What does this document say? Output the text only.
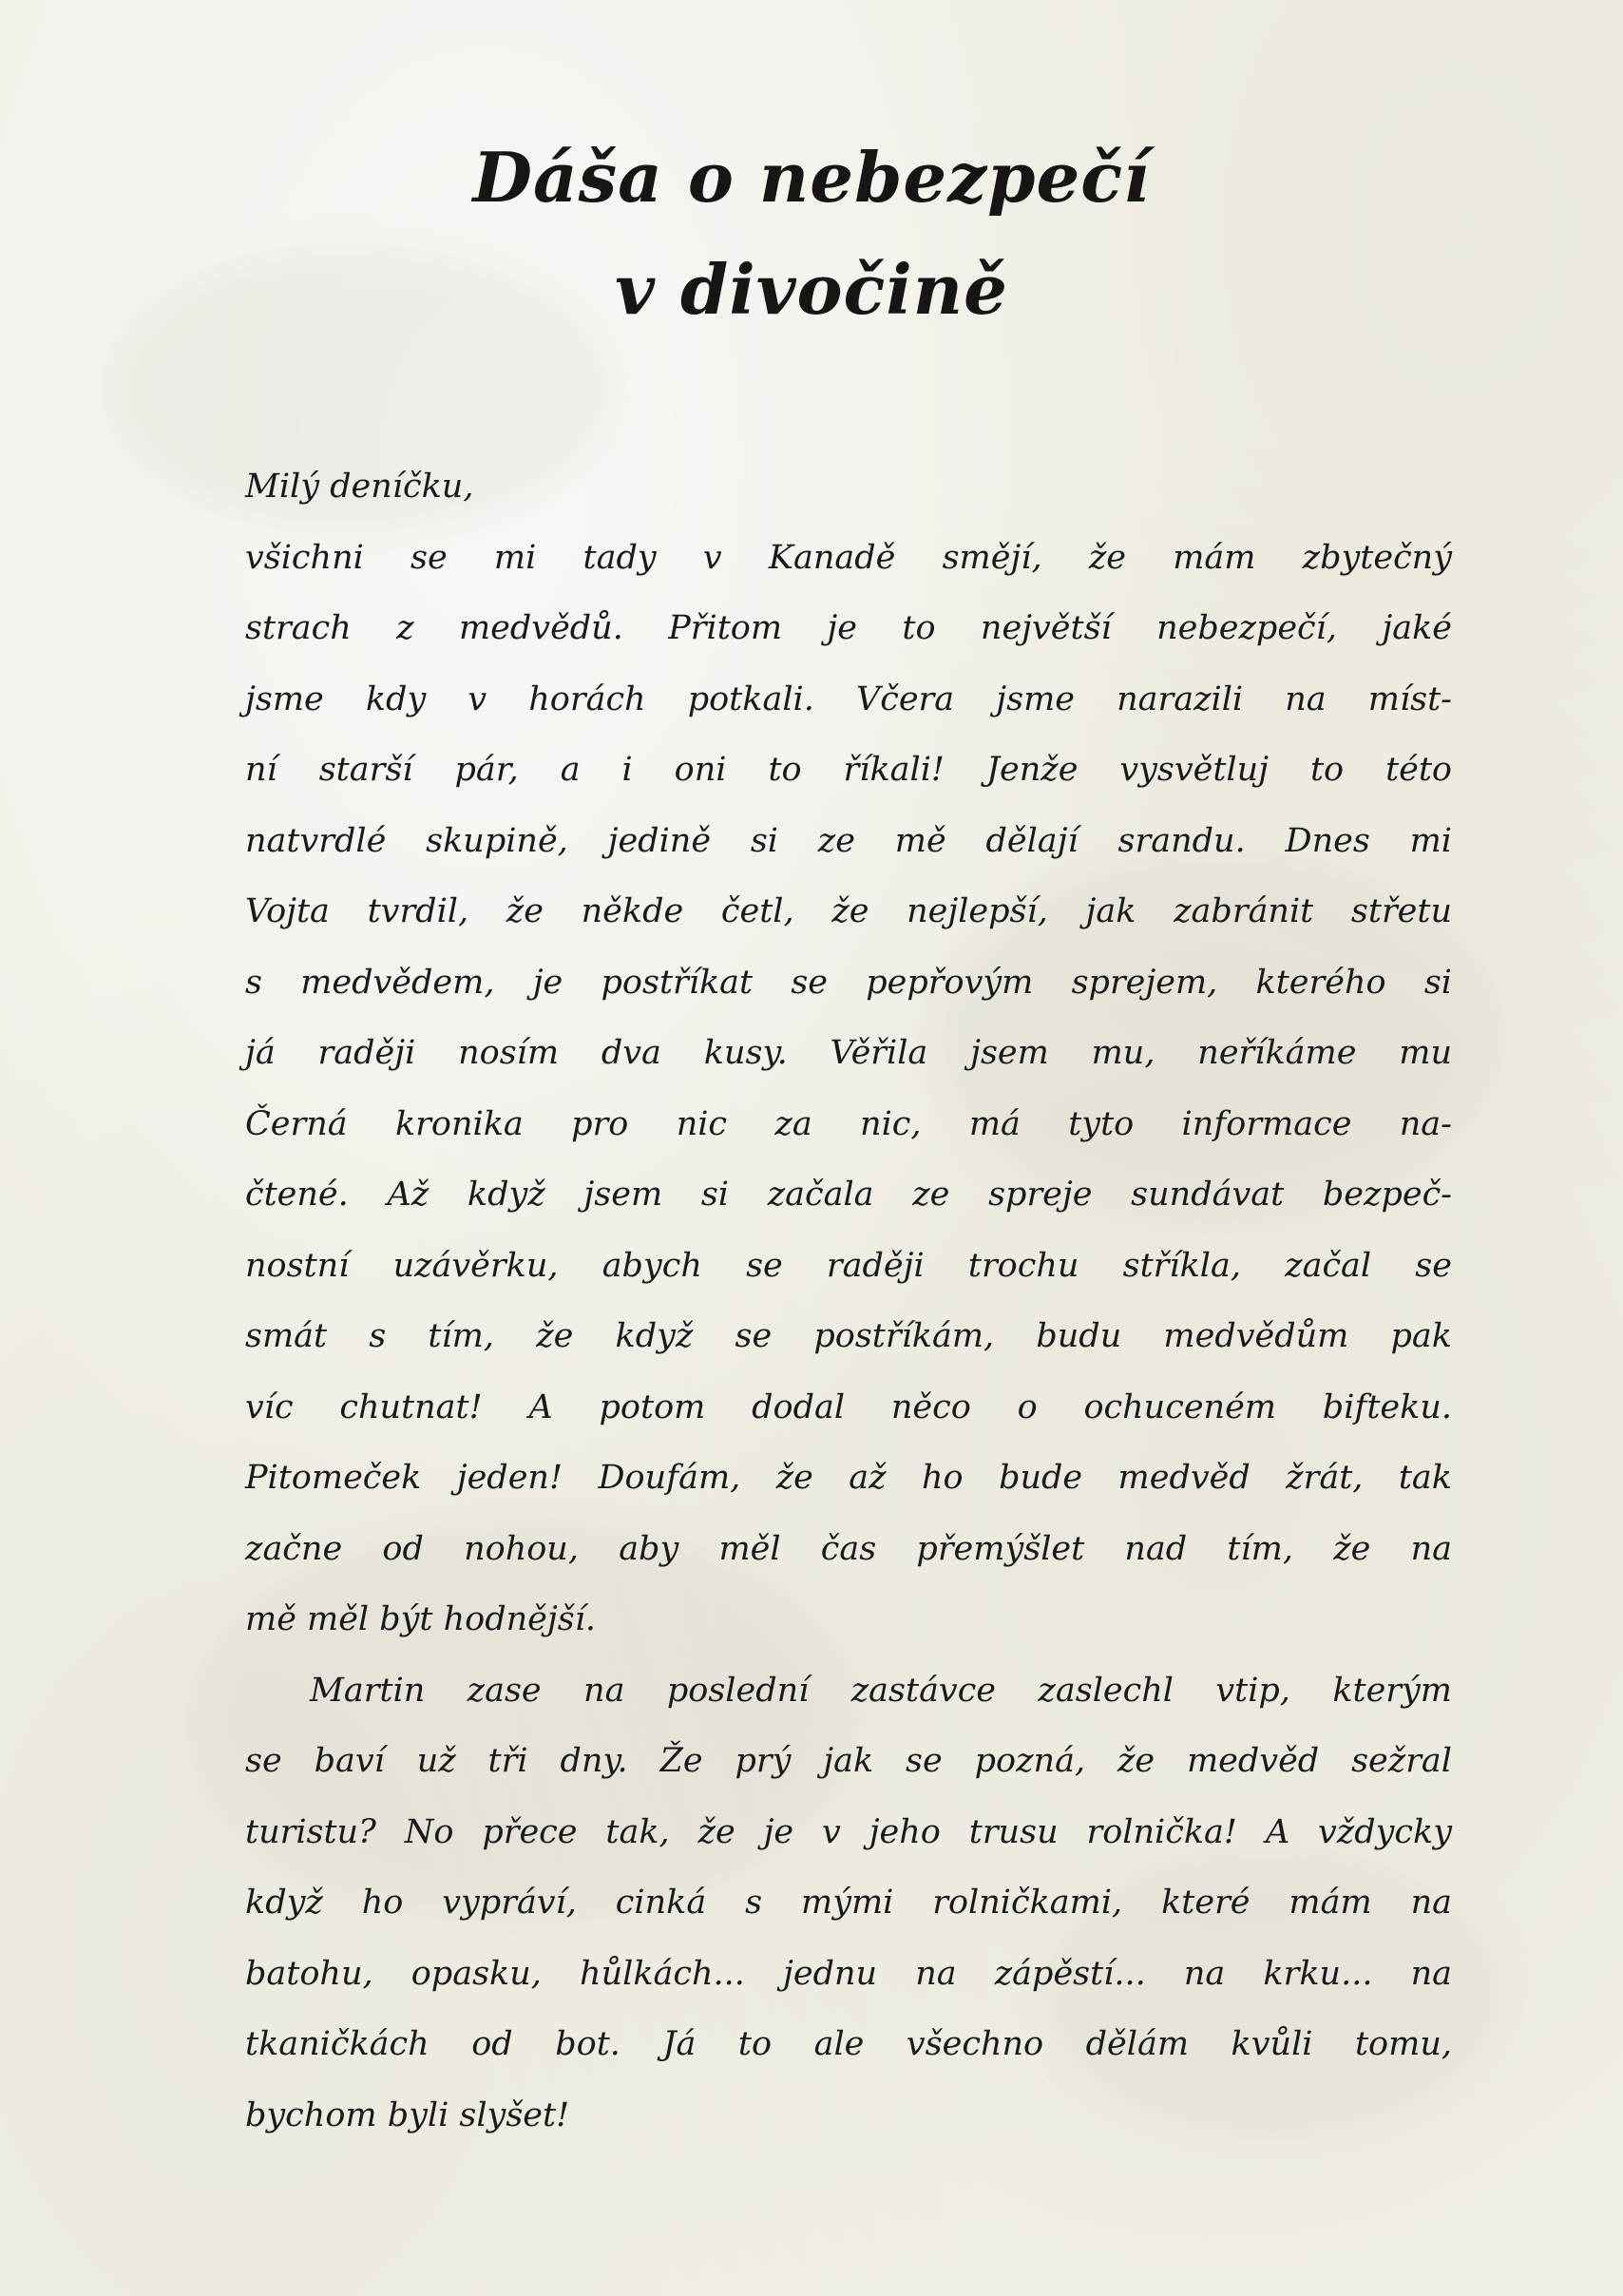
Dáša o nebezpečí
v divočině
Milý deníčku,
všichni se mi tady v Kanadě smějí, že mám zbytečný
strach z medvědů. Přitom je to největší nebezpečí, jaké
jsme kdy v horách potkali. Včera jsme narazili na míst-
ní starší pár, a i oni to říkali! Jenže vysvětluj to této
natvrdlé skupině, jedině si ze mě dělají srandu. Dnes mi
Vojta tvrdil, že někde četl, že nejlepší, jak zabránit střetu
s medvědem, je postříkat se pepřovým sprejem, kterého si
já raději nosím dva kusy. Věřila jsem mu, neříkáme mu
Černá kronika pro nic za nic, má tyto informace na-
čtené. Až když jsem si začala ze spreje sundávat bezpeč-
nostní uzávěrku, abych se raději trochu stříkla, začal se
smát s tím, že když se postříkám, budu medvědům pak
víc chutnat! A potom dodal něco o ochuceném bifteku.
Pitomeček jeden! Doufám, že až ho bude medvěd žrát, tak
začne od nohou, aby měl čas přemýšlet nad tím, že na
mě měl být hodnější.
Martin zase na poslední zastávce zaslechl vtip, kterým
se baví už tři dny. Že prý jak se pozná, že medvěd sežral
turistu? No přece tak, že je v jeho trusu rolnička! A vždycky
když ho vypráví, cinká s mými rolničkami, které mám na
batohu, opasku, hůlkách... jednu na zápěstí... na krku... na
tkaničkách od bot. Já to ale všechno dělám kvůli tomu,
bychom byli slyšet!
